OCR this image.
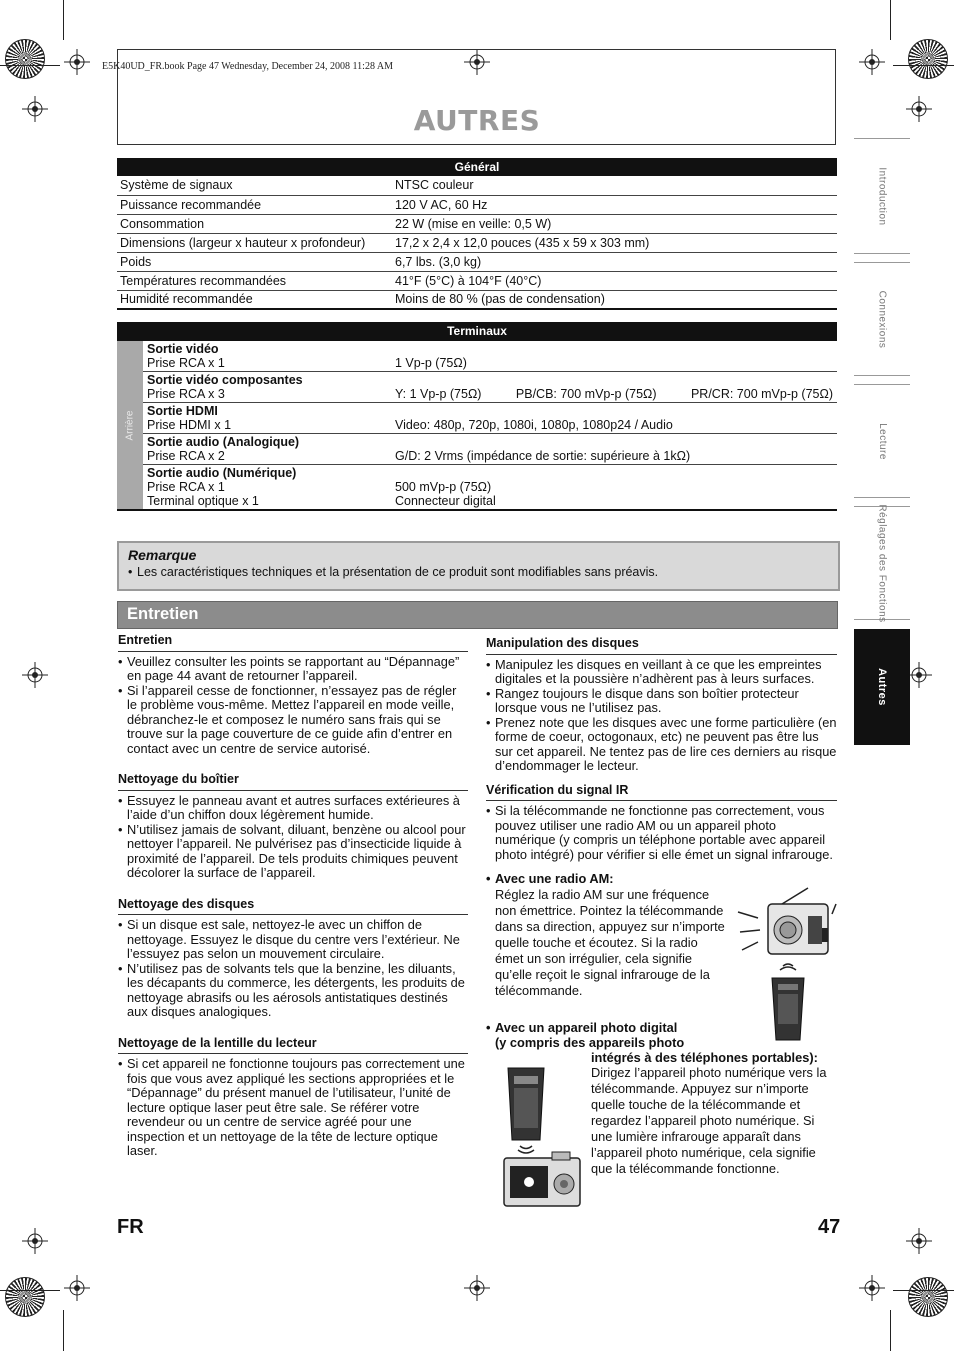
E5K40UD_FR.book Page 47 Wednesday, December 24, 2008 11:28 AM
AUTRES
Introduction
Connexions
Lecture
Réglages des Fonctions
Autres
Général	
Système de signaux	NTSC couleur
Puissance recommandée	120 V AC, 60 Hz
Consommation	22 W (mise en veille: 0,5 W)
Dimensions (largeur x hauteur x profondeur)	17,2 x 2,4 x 12,0 pouces (435 x 59 x 303 mm)
Poids	6,7 lbs. (3,0 kg)
Températures recommandées	41°F (5°C) à 104°F (40°C)
Humidité recommandée	Moins de 80 % (pas de condensation)
Terminaux
Arrière
Sortie vidéo
Prise RCA x 1	1 Vp-p (75Ω)
Sortie vidéo composantes
Prise RCA x 3	Y: 1 Vp-p (75Ω)	PB/CB: 700 mVp-p (75Ω)	PR/CR: 700 mVp-p (75Ω)
Sortie HDMI
Prise HDMI x 1	Video: 480p, 720p, 1080i, 1080p, 1080p24 / Audio
Sortie audio (Analogique)
Prise RCA x 2	G/D: 2 Vrms (impédance de sortie: supérieure à 1kΩ)
Sortie audio (Numérique)
Prise RCA x 1	500 mVp-p (75Ω)
Terminal optique x 1	Connecteur digital
Remarque
• Les caractéristiques techniques et la présentation de ce produit sont modifiables sans préavis.
Entretien
Entretien
• Veuillez consulter les points se rapportant au “Dépannage” en page 44 avant de retourner l’appareil.
• Si l’appareil cesse de fonctionner, n’essayez pas de régler le problème vous-même. Mettez l’appareil en mode veille, débranchez-le et composez le numéro sans frais qui se trouve sur la page couverture de ce guide afin d’entrer en contact avec un centre de service autorisé.
Nettoyage du boîtier
• Essuyez le panneau avant et autres surfaces extérieures à l’aide d’un chiffon doux légèrement humide.
• N’utilisez jamais de solvant, diluant, benzène ou alcool pour nettoyer l’appareil. Ne pulvérisez pas d’insecticide liquide à proximité de l’appareil. De tels produits chimiques peuvent décolorer la surface de l’appareil.
Nettoyage des disques
• Si un disque est sale, nettoyez-le avec un chiffon de nettoyage. Essuyez le disque du centre vers l’extérieur. Ne l’essuyez pas selon un mouvement circulaire.
• N’utilisez pas de solvants tels que la benzine, les diluants, les décapants du commerce, les détergents, les produits de nettoyage abrasifs ou les aérosols antistatiques destinés aux disques analogiques.
Nettoyage de la lentille du lecteur
• Si cet appareil ne fonctionne toujours pas correctement une fois que vous avez appliqué les sections appropriées et le “Dépannage” du présent manuel de l’utilisateur, l’unité de lecture optique laser peut être sale. Se référer votre revendeur ou un centre de service agréé pour une inspection et un nettoyage de la tête de lecture optique laser.
Manipulation des disques
• Manipulez les disques en veillant à ce que les empreintes digitales et la poussière n’adhèrent pas à leurs surfaces.
• Rangez toujours le disque dans son boîtier protecteur lorsque vous ne l’utilisez pas.
• Prenez note que les disques avec une forme particulière (en forme de coeur, octogonaux, etc) ne peuvent pas être lus sur cet appareil. Ne tentez pas de lire ces derniers au risque d’endommager le lecteur.
Vérification du signal IR
• Si la télécommande ne fonctionne pas correctement, vous pouvez utiliser une radio AM ou un appareil photo numérique (y compris un téléphone portable avec appareil photo intégré) pour vérifier si elle émet un signal infrarouge.
• Avec une radio AM:
Réglez la radio AM sur une fréquence non émettrice. Pointez la télécommande dans sa direction, appuyez sur n’importe quelle touche et écoutez. Si la radio émet un son irrégulier, cela signifie qu’elle reçoit le signal infrarouge de la télécommande.
• Avec un appareil photo digital
(y compris des appareils photo
intégrés à des téléphones portables):
Dirigez l’appareil photo numérique vers la télécommande. Appuyez sur n’importe quelle touche de la télécommande et regardez l’appareil photo numérique. Si une lumière infrarouge apparaît dans l’appareil photo numérique, cela signifie que la télécommande fonctionne.
FR	47
